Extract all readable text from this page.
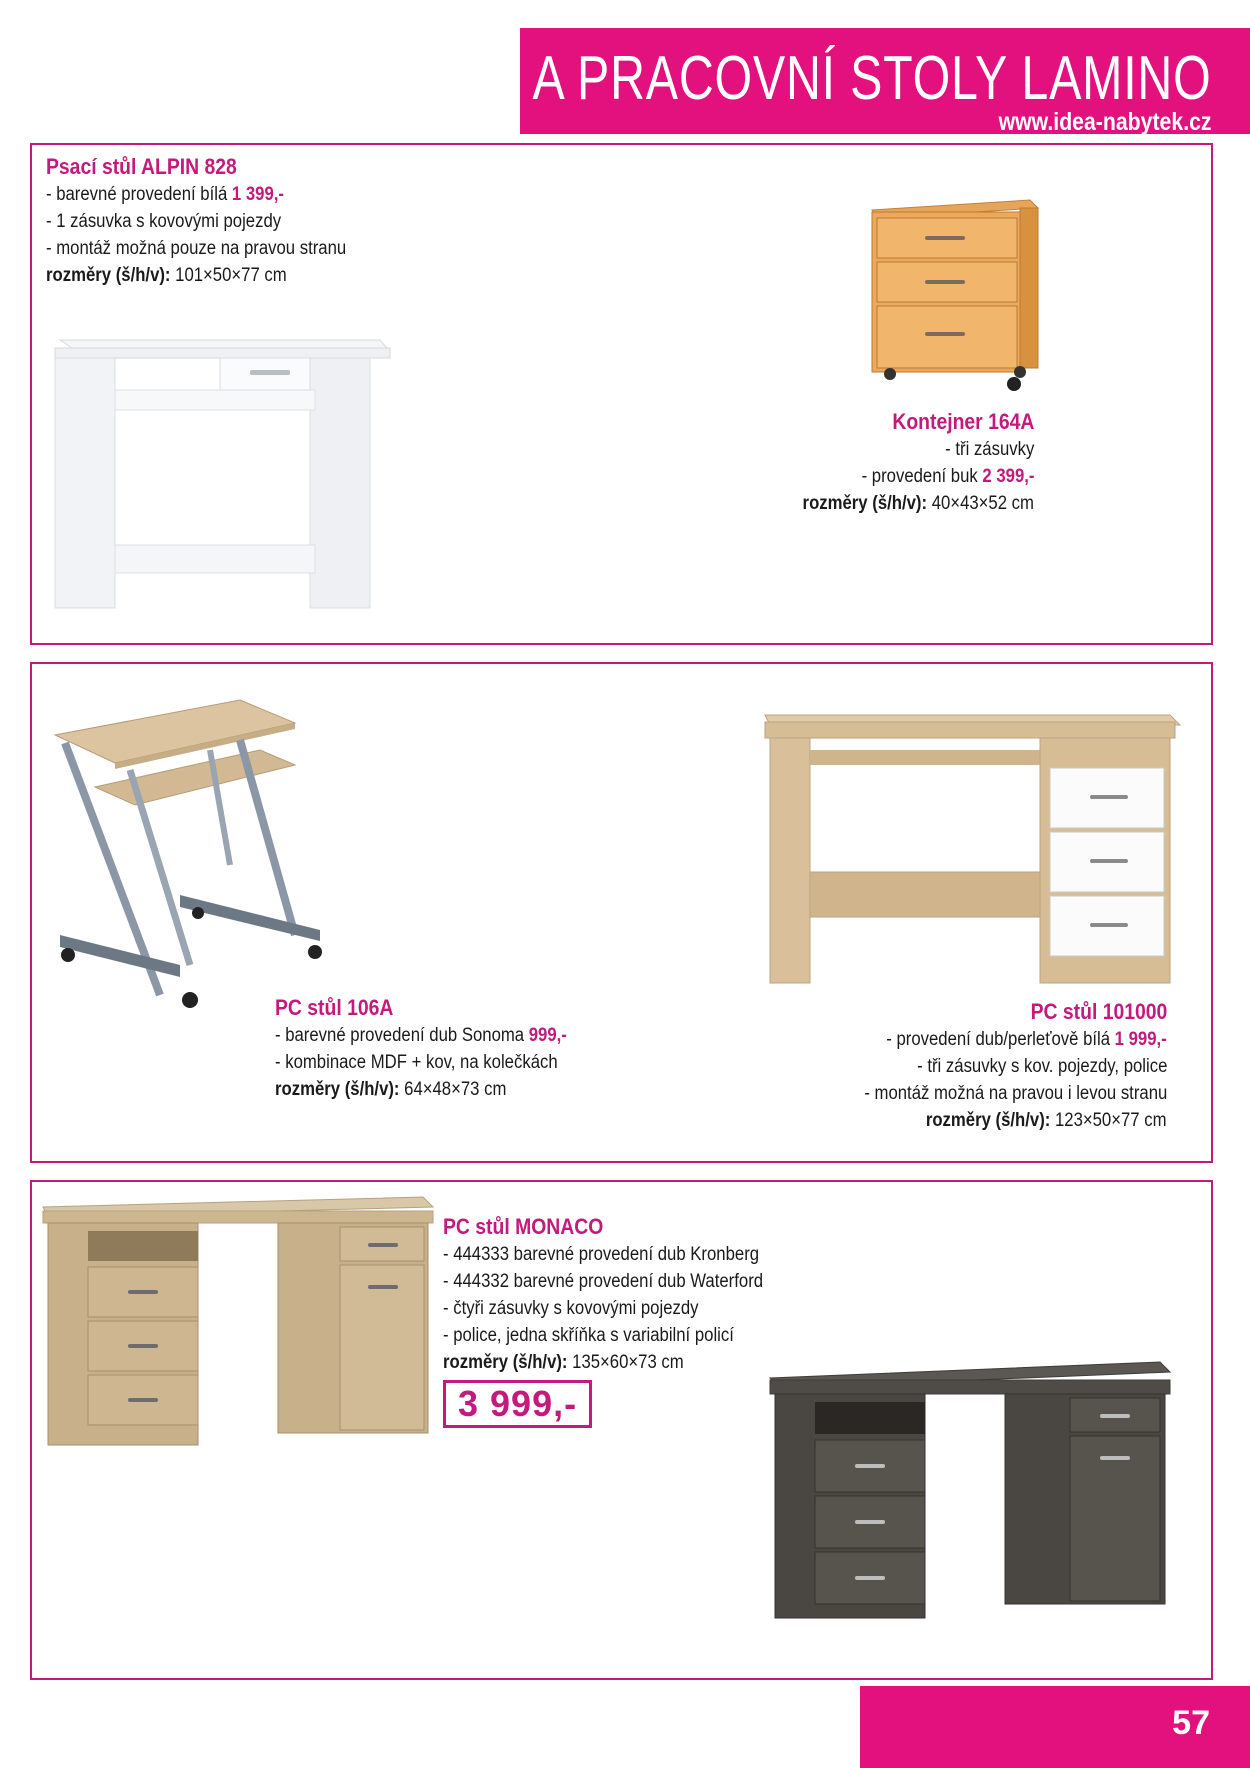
PC A PRACOVNÍ STOLY LAMINO
www.idea-nabytek.cz
Psací stůl ALPIN 828
- barevné provedení bílá 1 399,-
- 1 zásuvka s kovovými pojezdy
- montáž možná pouze na pravou stranu
rozměry (š/h/v): 101×50×77 cm
Kontejner 164A
- tři zásuvky
- provedení buk 2 399,-
rozměry (š/h/v): 40×43×52 cm
PC stůl 106A
- barevné provedení dub Sonoma 999,-
- kombinace MDF + kov, na kolečkách
rozměry (š/h/v): 64×48×73 cm
PC stůl 101000
- provedení dub/perleťově bílá 1 999,-
- tři zásuvky s kov. pojezdy, police
- montáž možná na pravou i levou stranu
rozměry (š/h/v): 123×50×77 cm
PC stůl MONACO
- 444333 barevné provedení dub Kronberg
- 444332 barevné provedení dub Waterford
- čtyři zásuvky s kovovými pojezdy
- police, jedna skříňka s variabilní policí
rozměry (š/h/v): 135×60×73 cm
3 999,-
57
